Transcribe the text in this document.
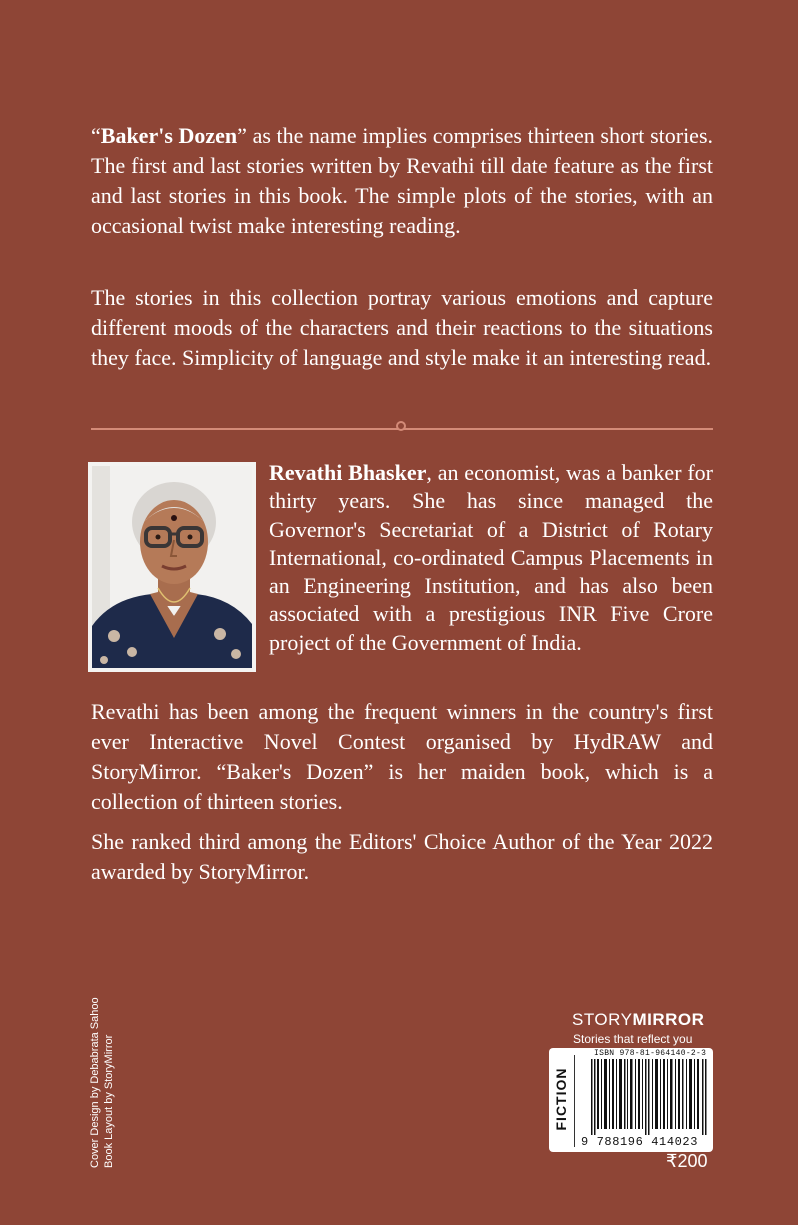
“Baker's Dozen” as the name implies comprises thirteen short stories. The first and last stories written by Revathi till date feature as the first and last stories in this book. The simple plots of the stories, with an occasional twist make interesting reading.

The stories in this collection portray various emotions and capture different moods of the characters and their reactions to the situations they face. Simplicity of language and style make it an interesting read.

Revathi Bhasker, an economist, was a banker for thirty years. She has since managed the Governor's Secretariat of a District of Rotary International, co-ordinated Campus Placements in an Engineering Institution, and has also been associated with a prestigious INR Five Crore project of the Government of India.

Revathi has been among the frequent winners in the country's first ever Interactive Novel Contest organised by HydRAW and StoryMirror. “Baker's Dozen” is her maiden book, which is a collection of thirteen stories.

She ranked third among the Editors' Choice Author of the Year 2022 awarded by StoryMirror.

Cover Design by Debabrata Sahoo Book Layout by StoryMirror
STORYMIRROR
Stories that reflect you
FICTION
ISBN 978-81-964140-2-3
9 788196 414023
₹200
